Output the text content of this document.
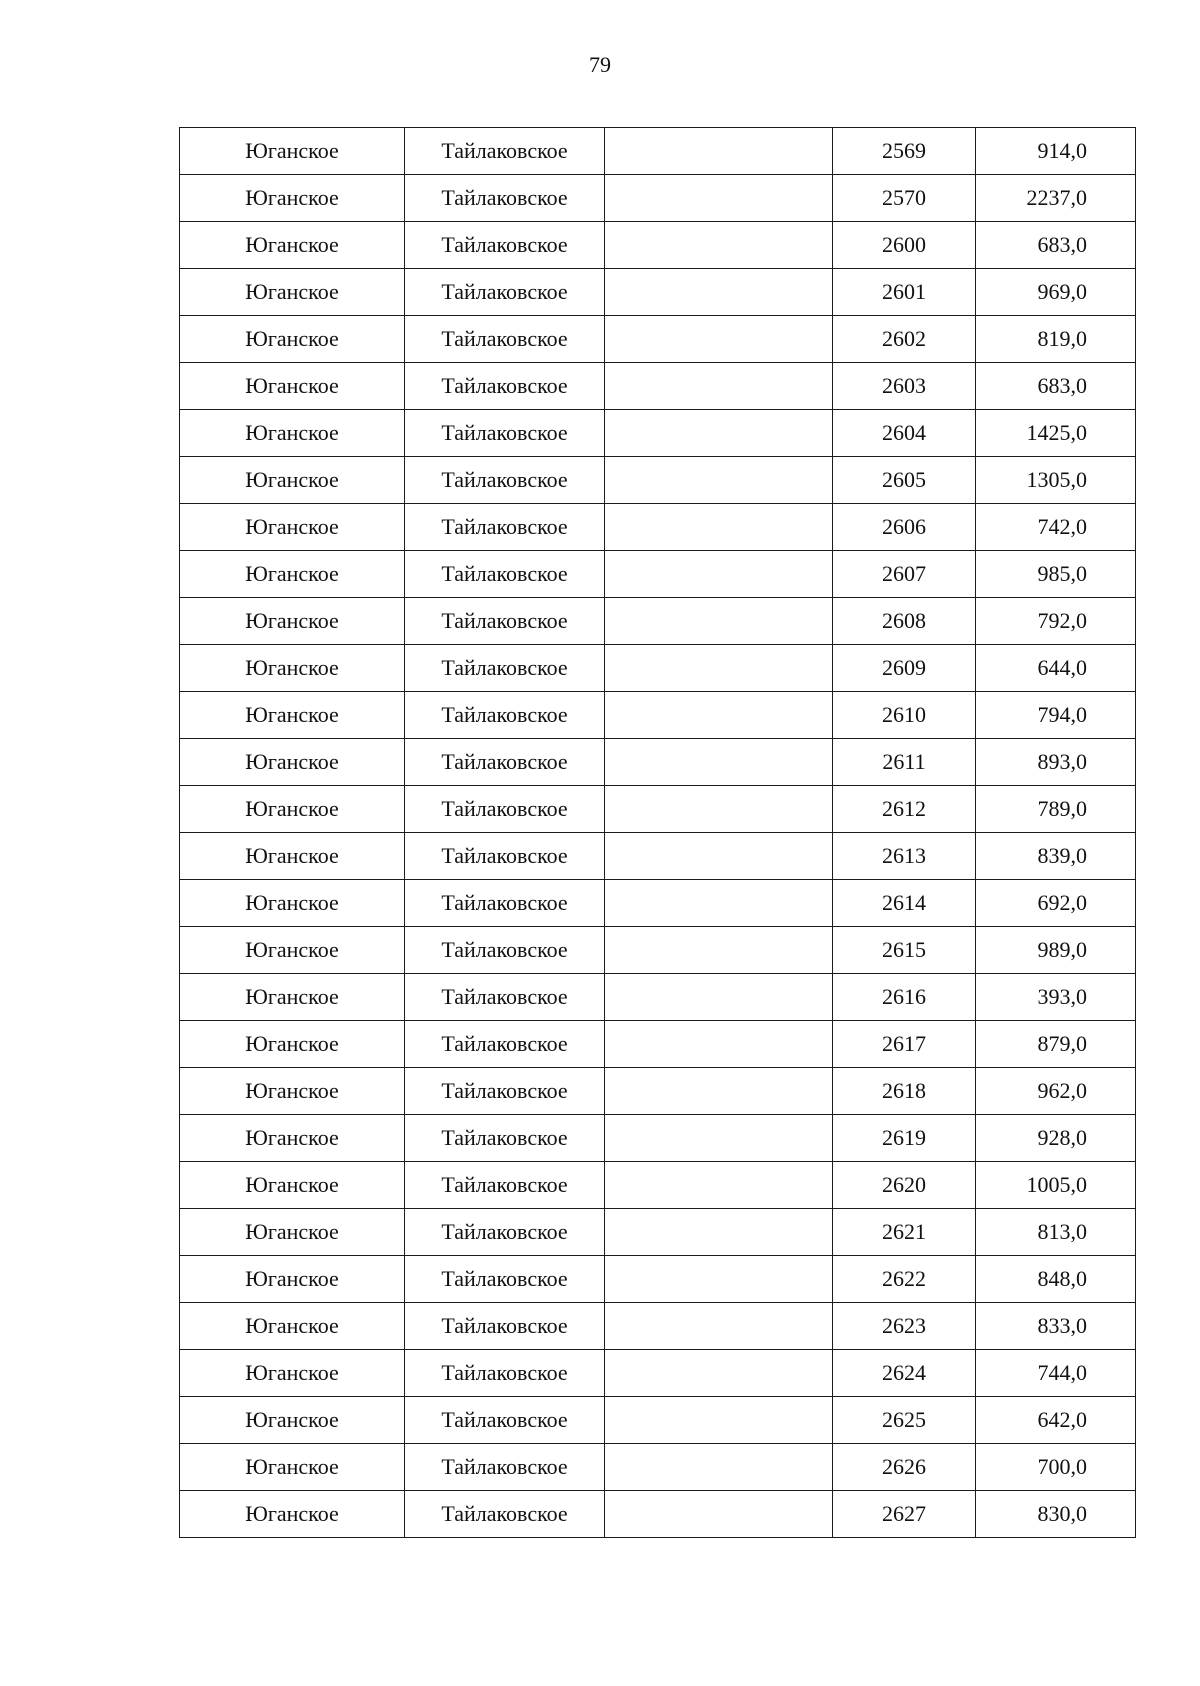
79
Юганское	Тайлаковское		2569	914,0
Юганское	Тайлаковское		2570	2237,0
Юганское	Тайлаковское		2600	683,0
Юганское	Тайлаковское		2601	969,0
Юганское	Тайлаковское		2602	819,0
Юганское	Тайлаковское		2603	683,0
Юганское	Тайлаковское		2604	1425,0
Юганское	Тайлаковское		2605	1305,0
Юганское	Тайлаковское		2606	742,0
Юганское	Тайлаковское		2607	985,0
Юганское	Тайлаковское		2608	792,0
Юганское	Тайлаковское		2609	644,0
Юганское	Тайлаковское		2610	794,0
Юганское	Тайлаковское		2611	893,0
Юганское	Тайлаковское		2612	789,0
Юганское	Тайлаковское		2613	839,0
Юганское	Тайлаковское		2614	692,0
Юганское	Тайлаковское		2615	989,0
Юганское	Тайлаковское		2616	393,0
Юганское	Тайлаковское		2617	879,0
Юганское	Тайлаковское		2618	962,0
Юганское	Тайлаковское		2619	928,0
Юганское	Тайлаковское		2620	1005,0
Юганское	Тайлаковское		2621	813,0
Юганское	Тайлаковское		2622	848,0
Юганское	Тайлаковское		2623	833,0
Юганское	Тайлаковское		2624	744,0
Юганское	Тайлаковское		2625	642,0
Юганское	Тайлаковское		2626	700,0
Юганское	Тайлаковское		2627	830,0
